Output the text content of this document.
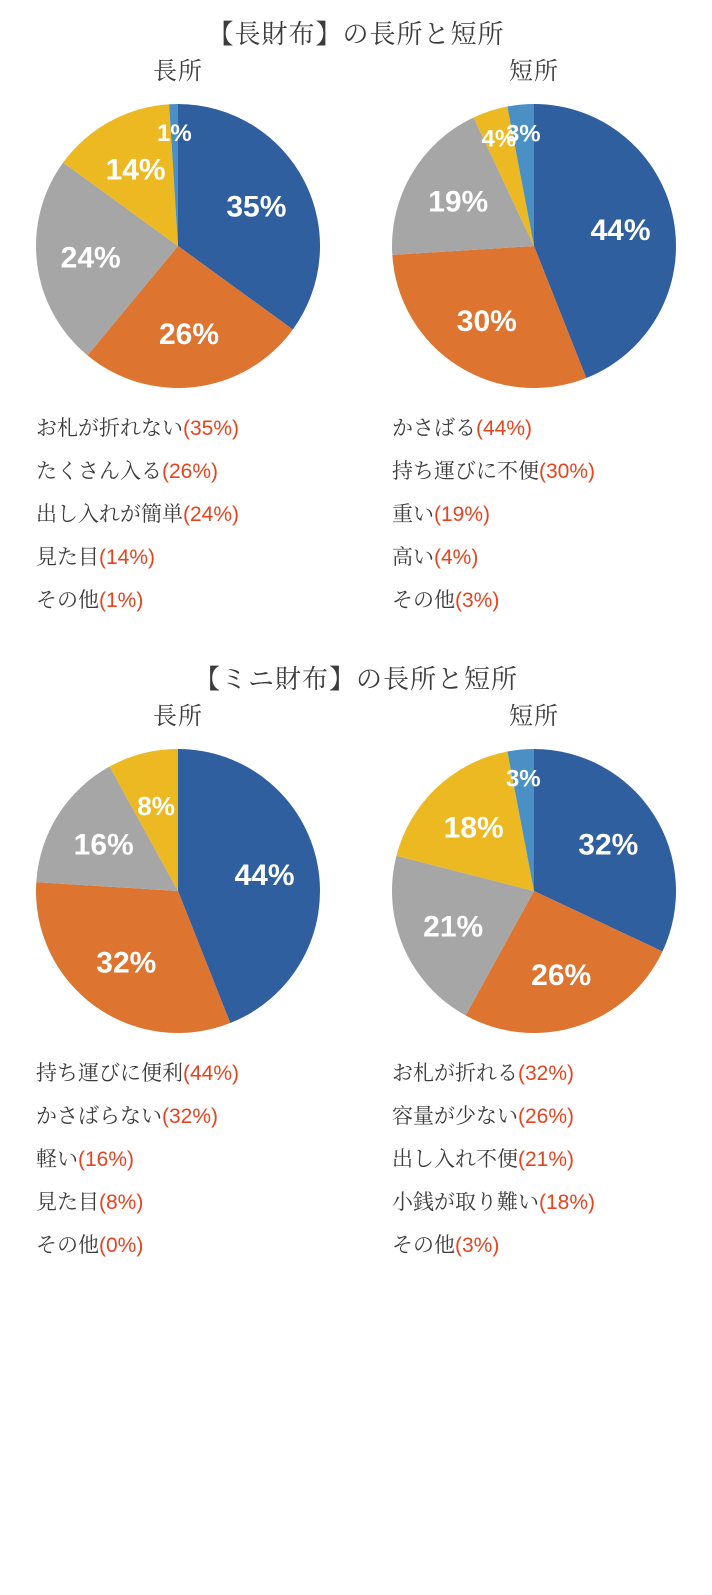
【長財布】の長所と短所
長所
35%
26%
24%
14%
1%
お札が折れない(35%)
たくさん入る(26%)
出し入れが簡単(24%)
見た目(14%)
その他(1%)
短所
44%
30%
19%
4%
3%
かさばる(44%)
持ち運びに不便(30%)
重い(19%)
高い(4%)
その他(3%)
【ミニ財布】の長所と短所
長所
44%
32%
16%
8%
持ち運びに便利(44%)
かさばらない(32%)
軽い(16%)
見た目(8%)
その他(0%)
短所
32%
26%
21%
18%
3%
お札が折れる(32%)
容量が少ない(26%)
出し入れ不便(21%)
小銭が取り難い(18%)
その他(3%)
